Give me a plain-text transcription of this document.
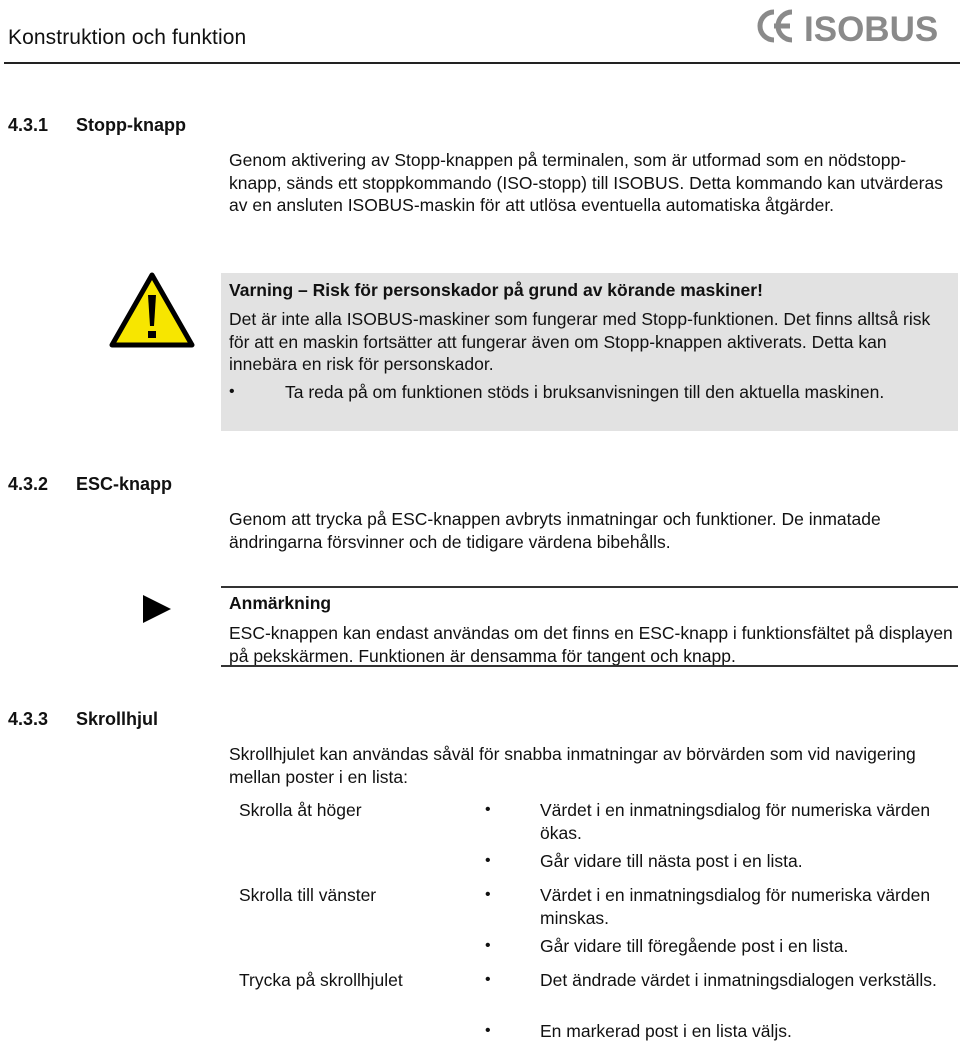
Konstruktion och funktion	ISOBUS
4.3.1 Stopp-knapp
Genom aktivering av Stopp-knappen på terminalen, som är utformad som en nödstopp-knapp, sänds ett stoppkommando (ISO-stopp) till ISOBUS. Detta kommando kan utvärderas av en ansluten ISOBUS-maskin för att utlösa eventuella automatiska åtgärder.
Varning – Risk för personskador på grund av körande maskiner!
Det är inte alla ISOBUS-maskiner som fungerar med Stopp-funktionen. Det finns alltså risk för att en maskin fortsätter att fungerar även om Stopp-knappen aktiverats. Detta kan innebära en risk för personskador.
•	Ta reda på om funktionen stöds i bruksanvisningen till den aktuella maskinen.
4.3.2 ESC-knapp
Genom att trycka på ESC-knappen avbryts inmatningar och funktioner. De inmatade ändringarna försvinner och de tidigare värdena bibehålls.
Anmärkning
ESC-knappen kan endast användas om det finns en ESC-knapp i funktionsfältet på displayen på pekskärmen. Funktionen är densamma för tangent och knapp.
4.3.3 Skrollhjul
Skrollhjulet kan användas såväl för snabba inmatningar av börvärden som vid navigering mellan poster i en lista:
Skrolla åt höger	•	Värdet i en inmatningsdialog för numeriska värden ökas.
•	Går vidare till nästa post i en lista.
Skrolla till vänster	•	Värdet i en inmatningsdialog för numeriska värden minskas.
•	Går vidare till föregående post i en lista.
Trycka på skrollhjulet	•	Det ändrade värdet i inmatningsdialogen verkställs.
•	En markerad post i en lista väljs.
